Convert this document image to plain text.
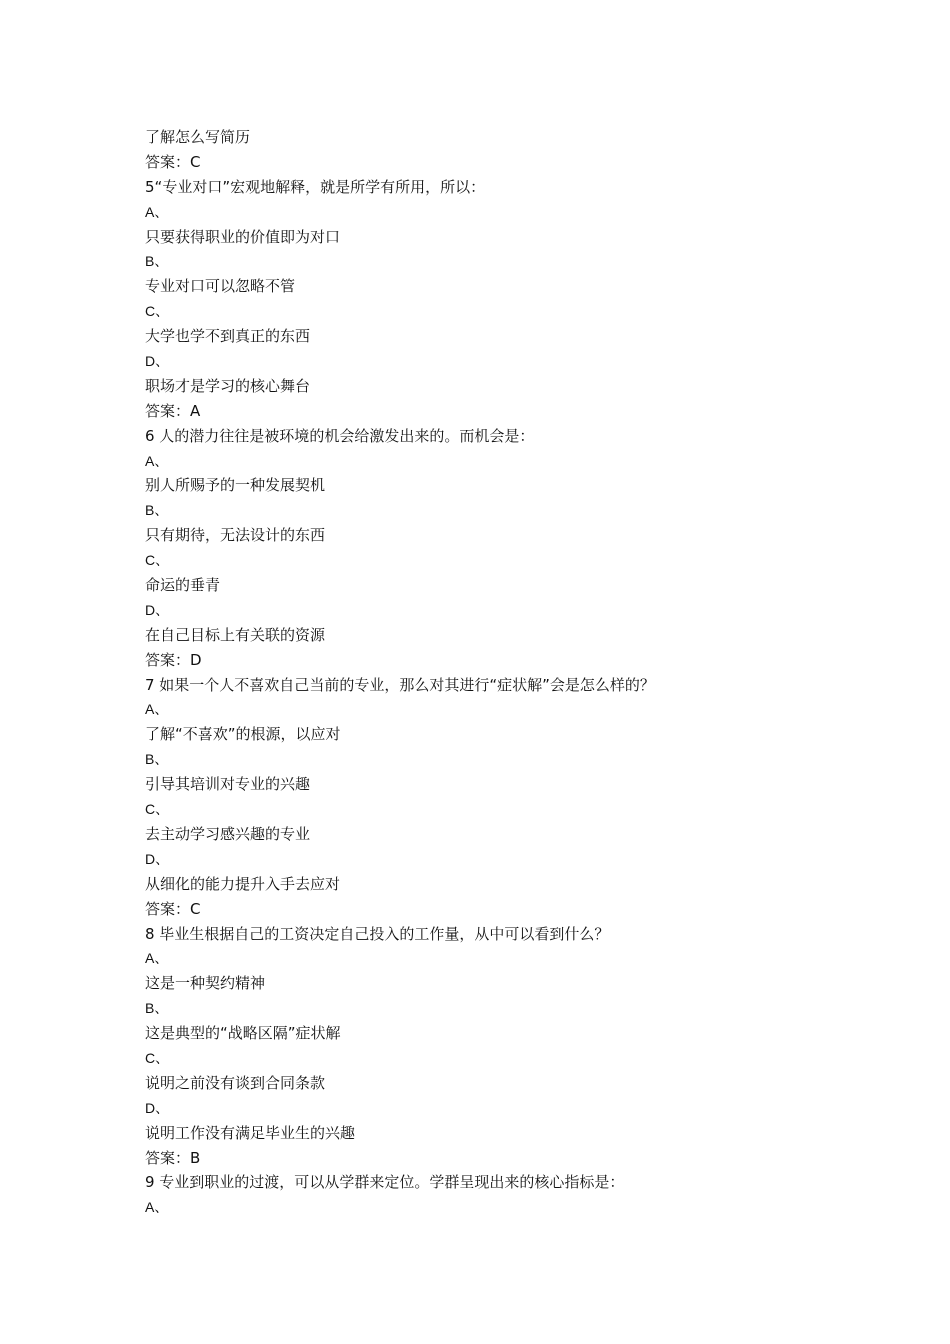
了解怎么写简历
答案：C
5“专业对口”宏观地解释，就是所学有所用，所以：
A、
只要获得职业的价值即为对口
B、
专业对口可以忽略不管
C、
大学也学不到真正的东西
D、
职场才是学习的核心舞台
答案：A
6 人的潜力往往是被环境的机会给激发出来的。而机会是：
A、
别人所赐予的一种发展契机
B、
只有期待，无法设计的东西
C、
命运的垂青
D、
在自己目标上有关联的资源
答案：D
7 如果一个人不喜欢自己当前的专业，那么对其进行“症状解”会是怎么样的？
A、
了解“不喜欢”的根源，以应对
B、
引导其培训对专业的兴趣
C、
去主动学习感兴趣的专业
D、
从细化的能力提升入手去应对
答案：C
8 毕业生根据自己的工资决定自己投入的工作量，从中可以看到什么？
A、
这是一种契约精神
B、
这是典型的“战略区隔”症状解
C、
说明之前没有谈到合同条款
D、
说明工作没有满足毕业生的兴趣
答案：B
9 专业到职业的过渡，可以从学群来定位。学群呈现出来的核心指标是：
A、
